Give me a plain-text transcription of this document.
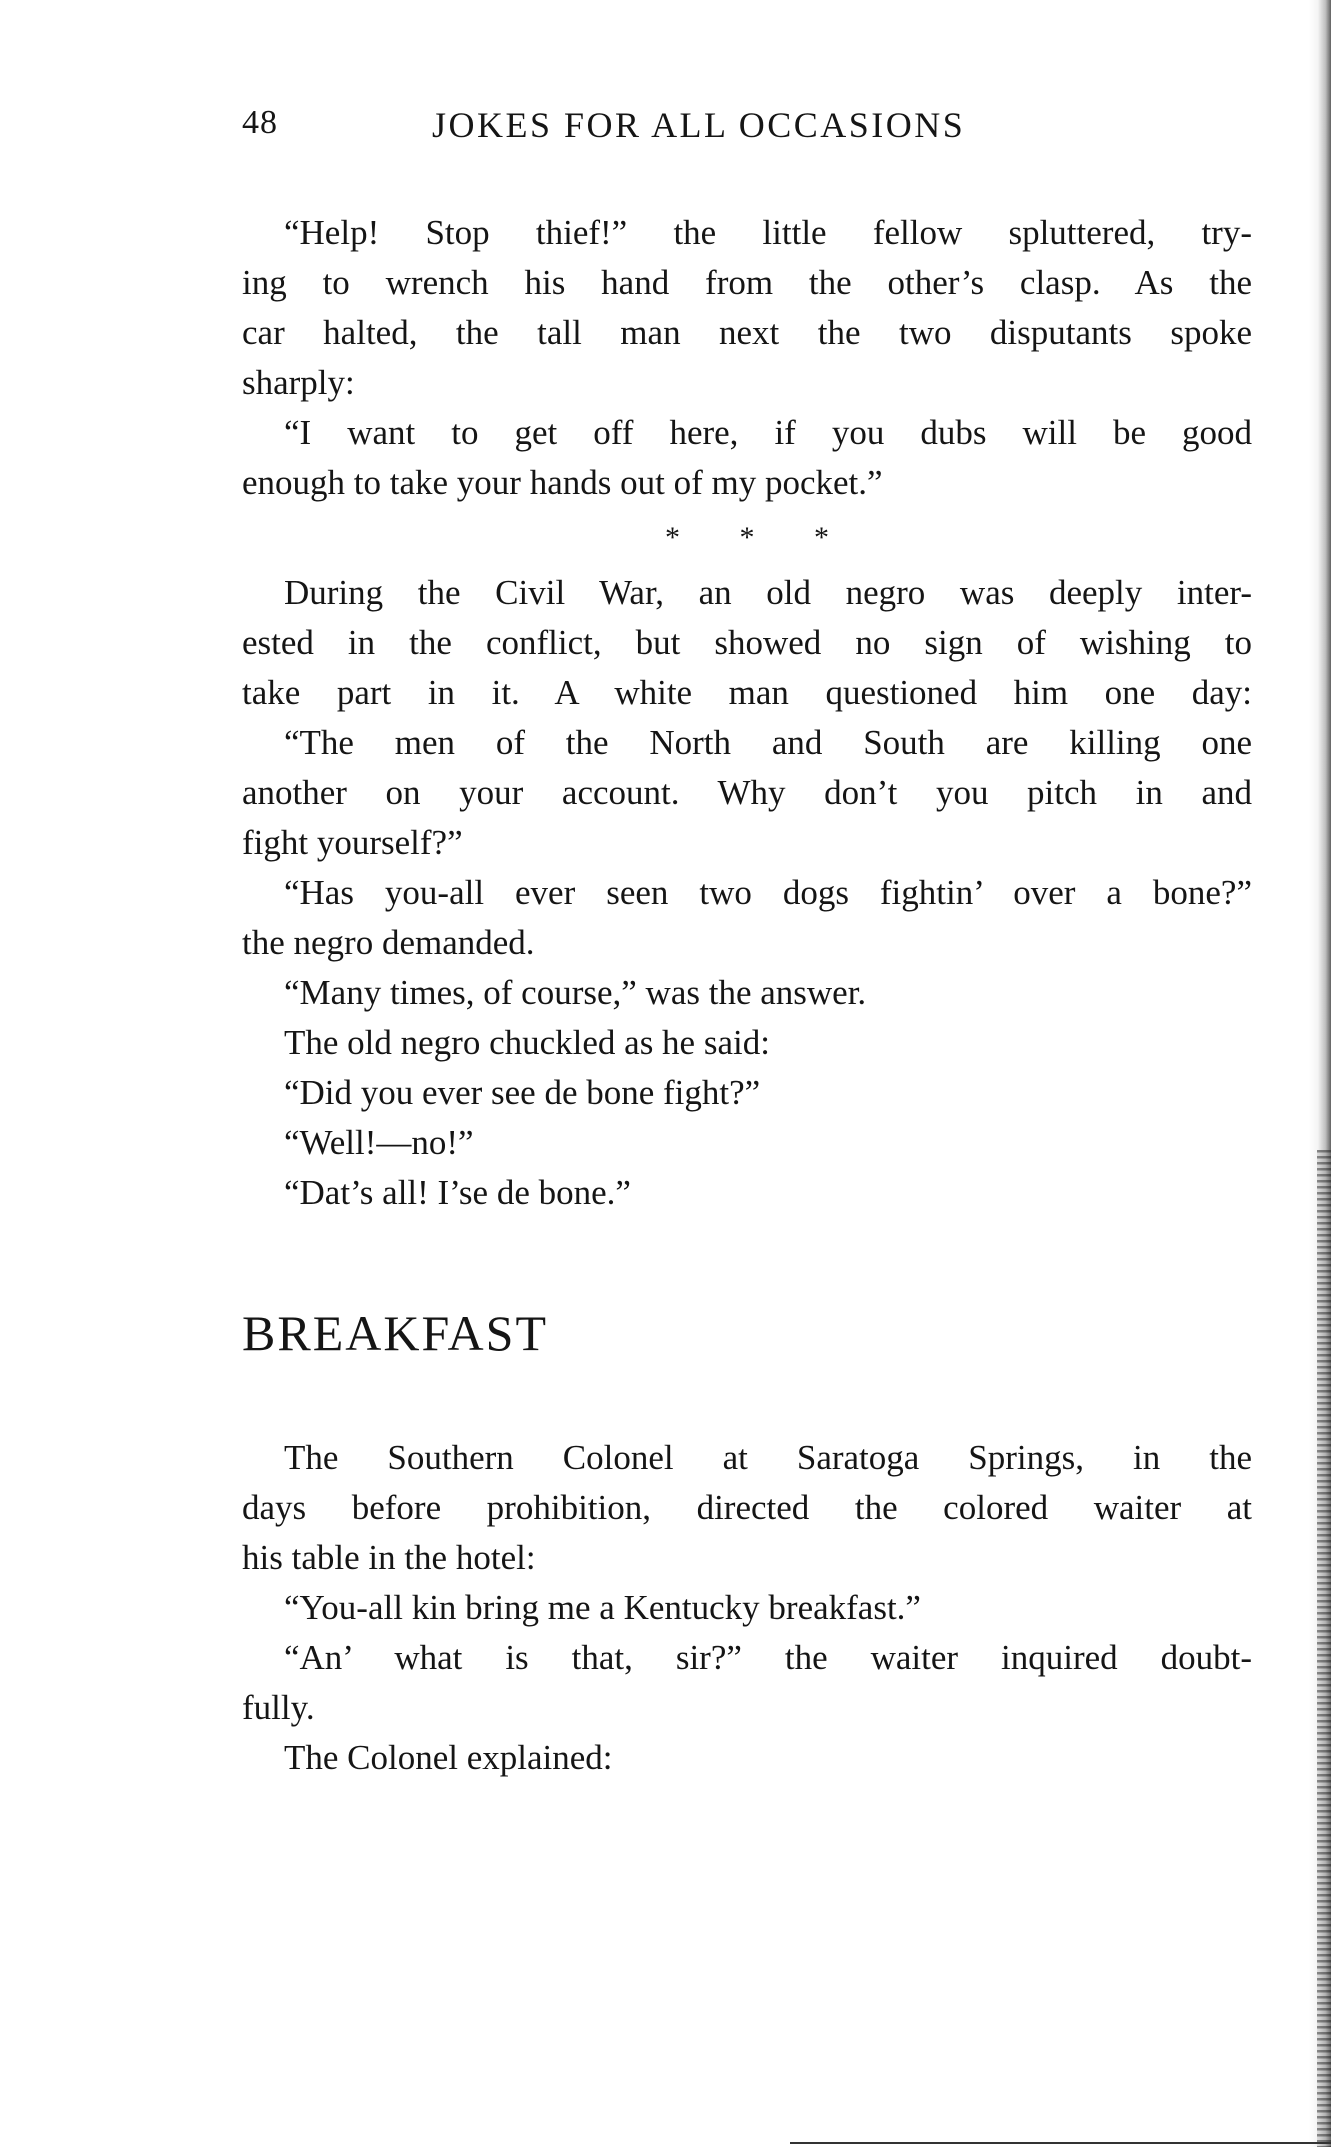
48	JOKES FOR ALL OCCASIONS
“Help! Stop thief!” the little fellow spluttered, try-
ing to wrench his hand from the other’s clasp. As the
car halted, the tall man next the two disputants spoke
sharply:
“I want to get off here, if you dubs will be good
enough to take your hands out of my pocket.”
* * *
During the Civil War, an old negro was deeply inter-
ested in the conflict, but showed no sign of wishing to
take part in it. A white man questioned him one day:
“The men of the North and South are killing one
another on your account. Why don’t you pitch in and
fight yourself?”
“Has you-all ever seen two dogs fightin’ over a bone?”
the negro demanded.
“Many times, of course,” was the answer.
The old negro chuckled as he said:
“Did you ever see de bone fight?”
“Well!—no!”
“Dat’s all! I’se de bone.”
BREAKFAST
The Southern Colonel at Saratoga Springs, in the
days before prohibition, directed the colored waiter at
his table in the hotel:
“You-all kin bring me a Kentucky breakfast.”
“An’ what is that, sir?” the waiter inquired doubt-
fully.
The Colonel explained:
